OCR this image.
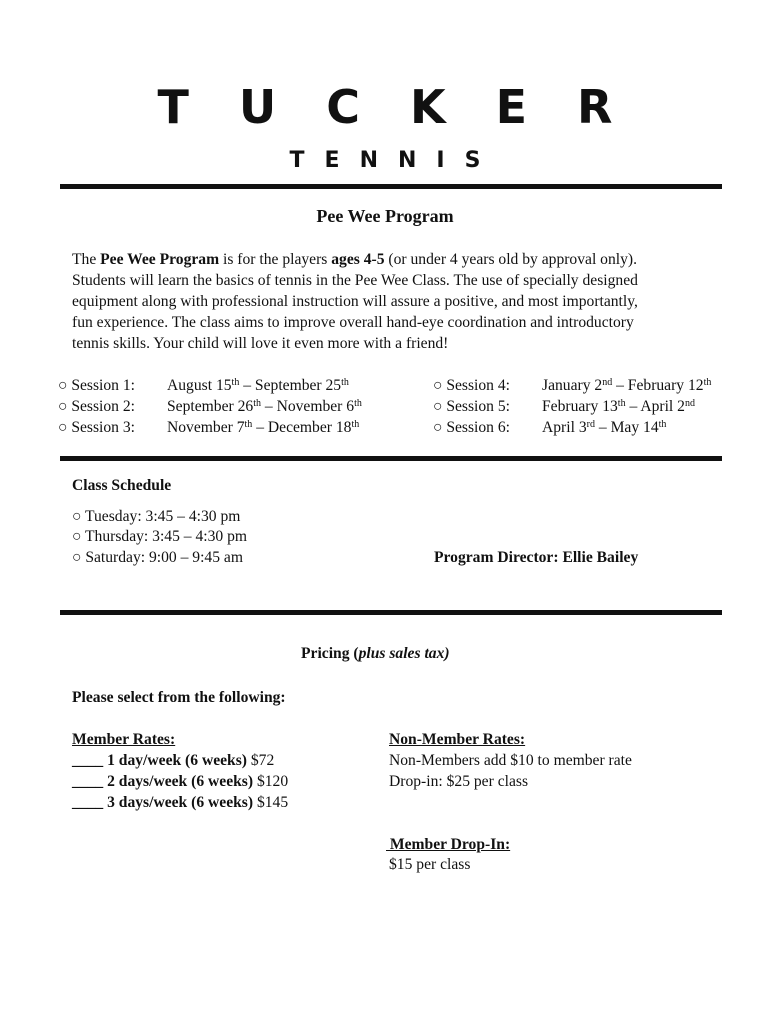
TUCKER
TENNIS
Pee Wee Program
The Pee Wee Program is for the players ages 4-5 (or under 4 years old by approval only).
Students will learn the basics of tennis in the Pee Wee Class. The use of specially designed
equipment along with professional instruction will assure a positive, and most importantly,
fun experience. The class aims to improve overall hand-eye coordination and introductory
tennis skills. Your child will love it even more with a friend!
○ Session 1: August 15th – September 25th
○ Session 2: September 26th – November 6th
○ Session 3: November 7th – December 18th
○ Session 4: January 2nd – February 12th
○ Session 5: February 13th – April 2nd
○ Session 6: April 3rd – May 14th
Class Schedule
○ Tuesday: 3:45 – 4:30 pm
○ Thursday: 3:45 – 4:30 pm
○ Saturday: 9:00 – 9:45 am	Program Director: Ellie Bailey
Pricing (plus sales tax)
Please select from the following:
Member Rates:
____ 1 day/week (6 weeks) $72
____ 2 days/week (6 weeks) $120
____ 3 days/week (6 weeks) $145
Non-Member Rates:
Non-Members add $10 to member rate
Drop-in: $25 per class
Member Drop-In:
$15 per class
